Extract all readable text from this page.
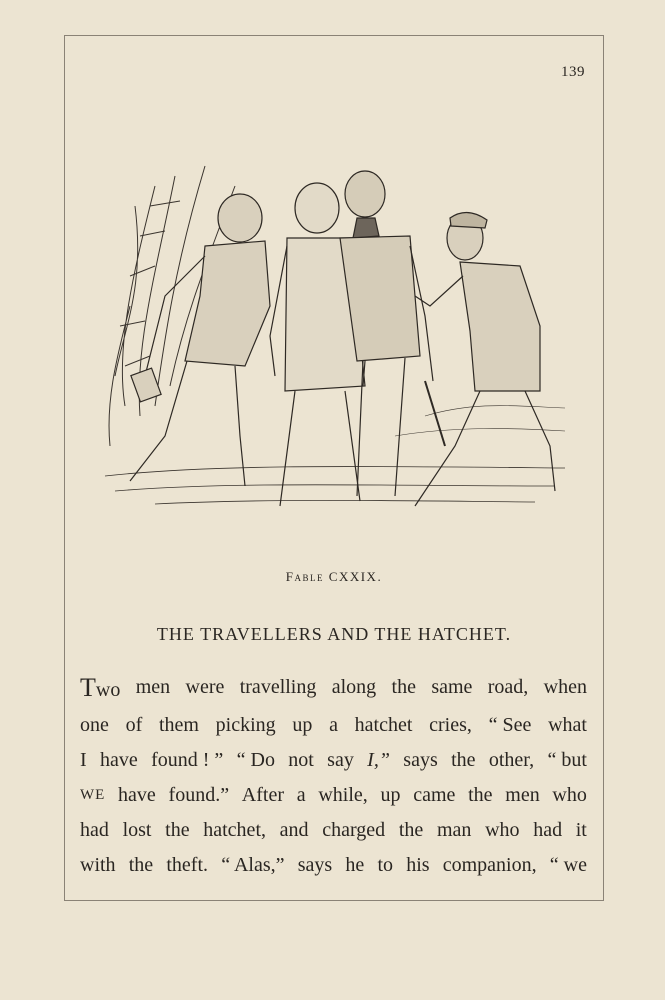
139
Fable CXXIX.
THE TRAVELLERS AND THE HATCHET.
Two men were travelling along the same road, when
one of them picking up a hatchet cries, “ See what
I have found ! ” “ Do not say I,” says the other, “ but
WE have found.” After a while, up came the men who
had lost the hatchet, and charged the man who had it
with the theft. “ Alas,” says he to his companion, “ we
